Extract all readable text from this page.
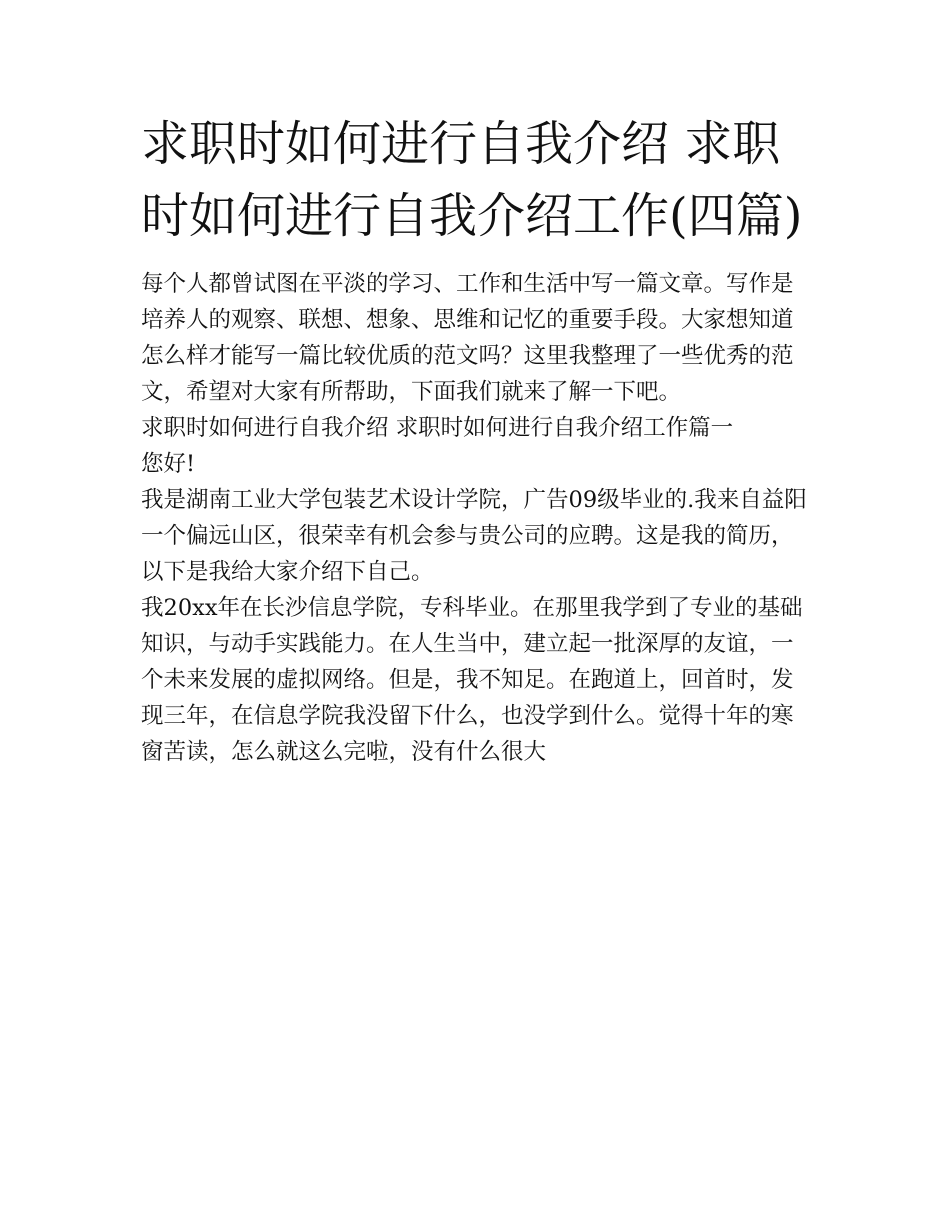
求职时如何进行自我介绍 求职时如何进行自我介绍工作(四篇)

每个人都曾试图在平淡的学习、工作和生活中写一篇文章。写作是培养人的观察、联想、想象、思维和记忆的重要手段。大家想知道怎么样才能写一篇比较优质的范文吗？这里我整理了一些优秀的范文，希望对大家有所帮助，下面我们就来了解一下吧。

求职时如何进行自我介绍 求职时如何进行自我介绍工作篇一

您好!

我是湖南工业大学包装艺术设计学院，广告09级毕业的.我来自益阳一个偏远山区，很荣幸有机会参与贵公司的应聘。这是我的简历，以下是我给大家介绍下自己。

我20xx年在长沙信息学院，专科毕业。在那里我学到了专业的基础知识，与动手实践能力。在人生当中，建立起一批深厚的友谊，一个未来发展的虚拟网络。但是，我不知足。在跑道上，回首时，发现三年，在信息学院我没留下什么，也没学到什么。觉得十年的寒窗苦读，怎么就这么完啦，没有什么很大
